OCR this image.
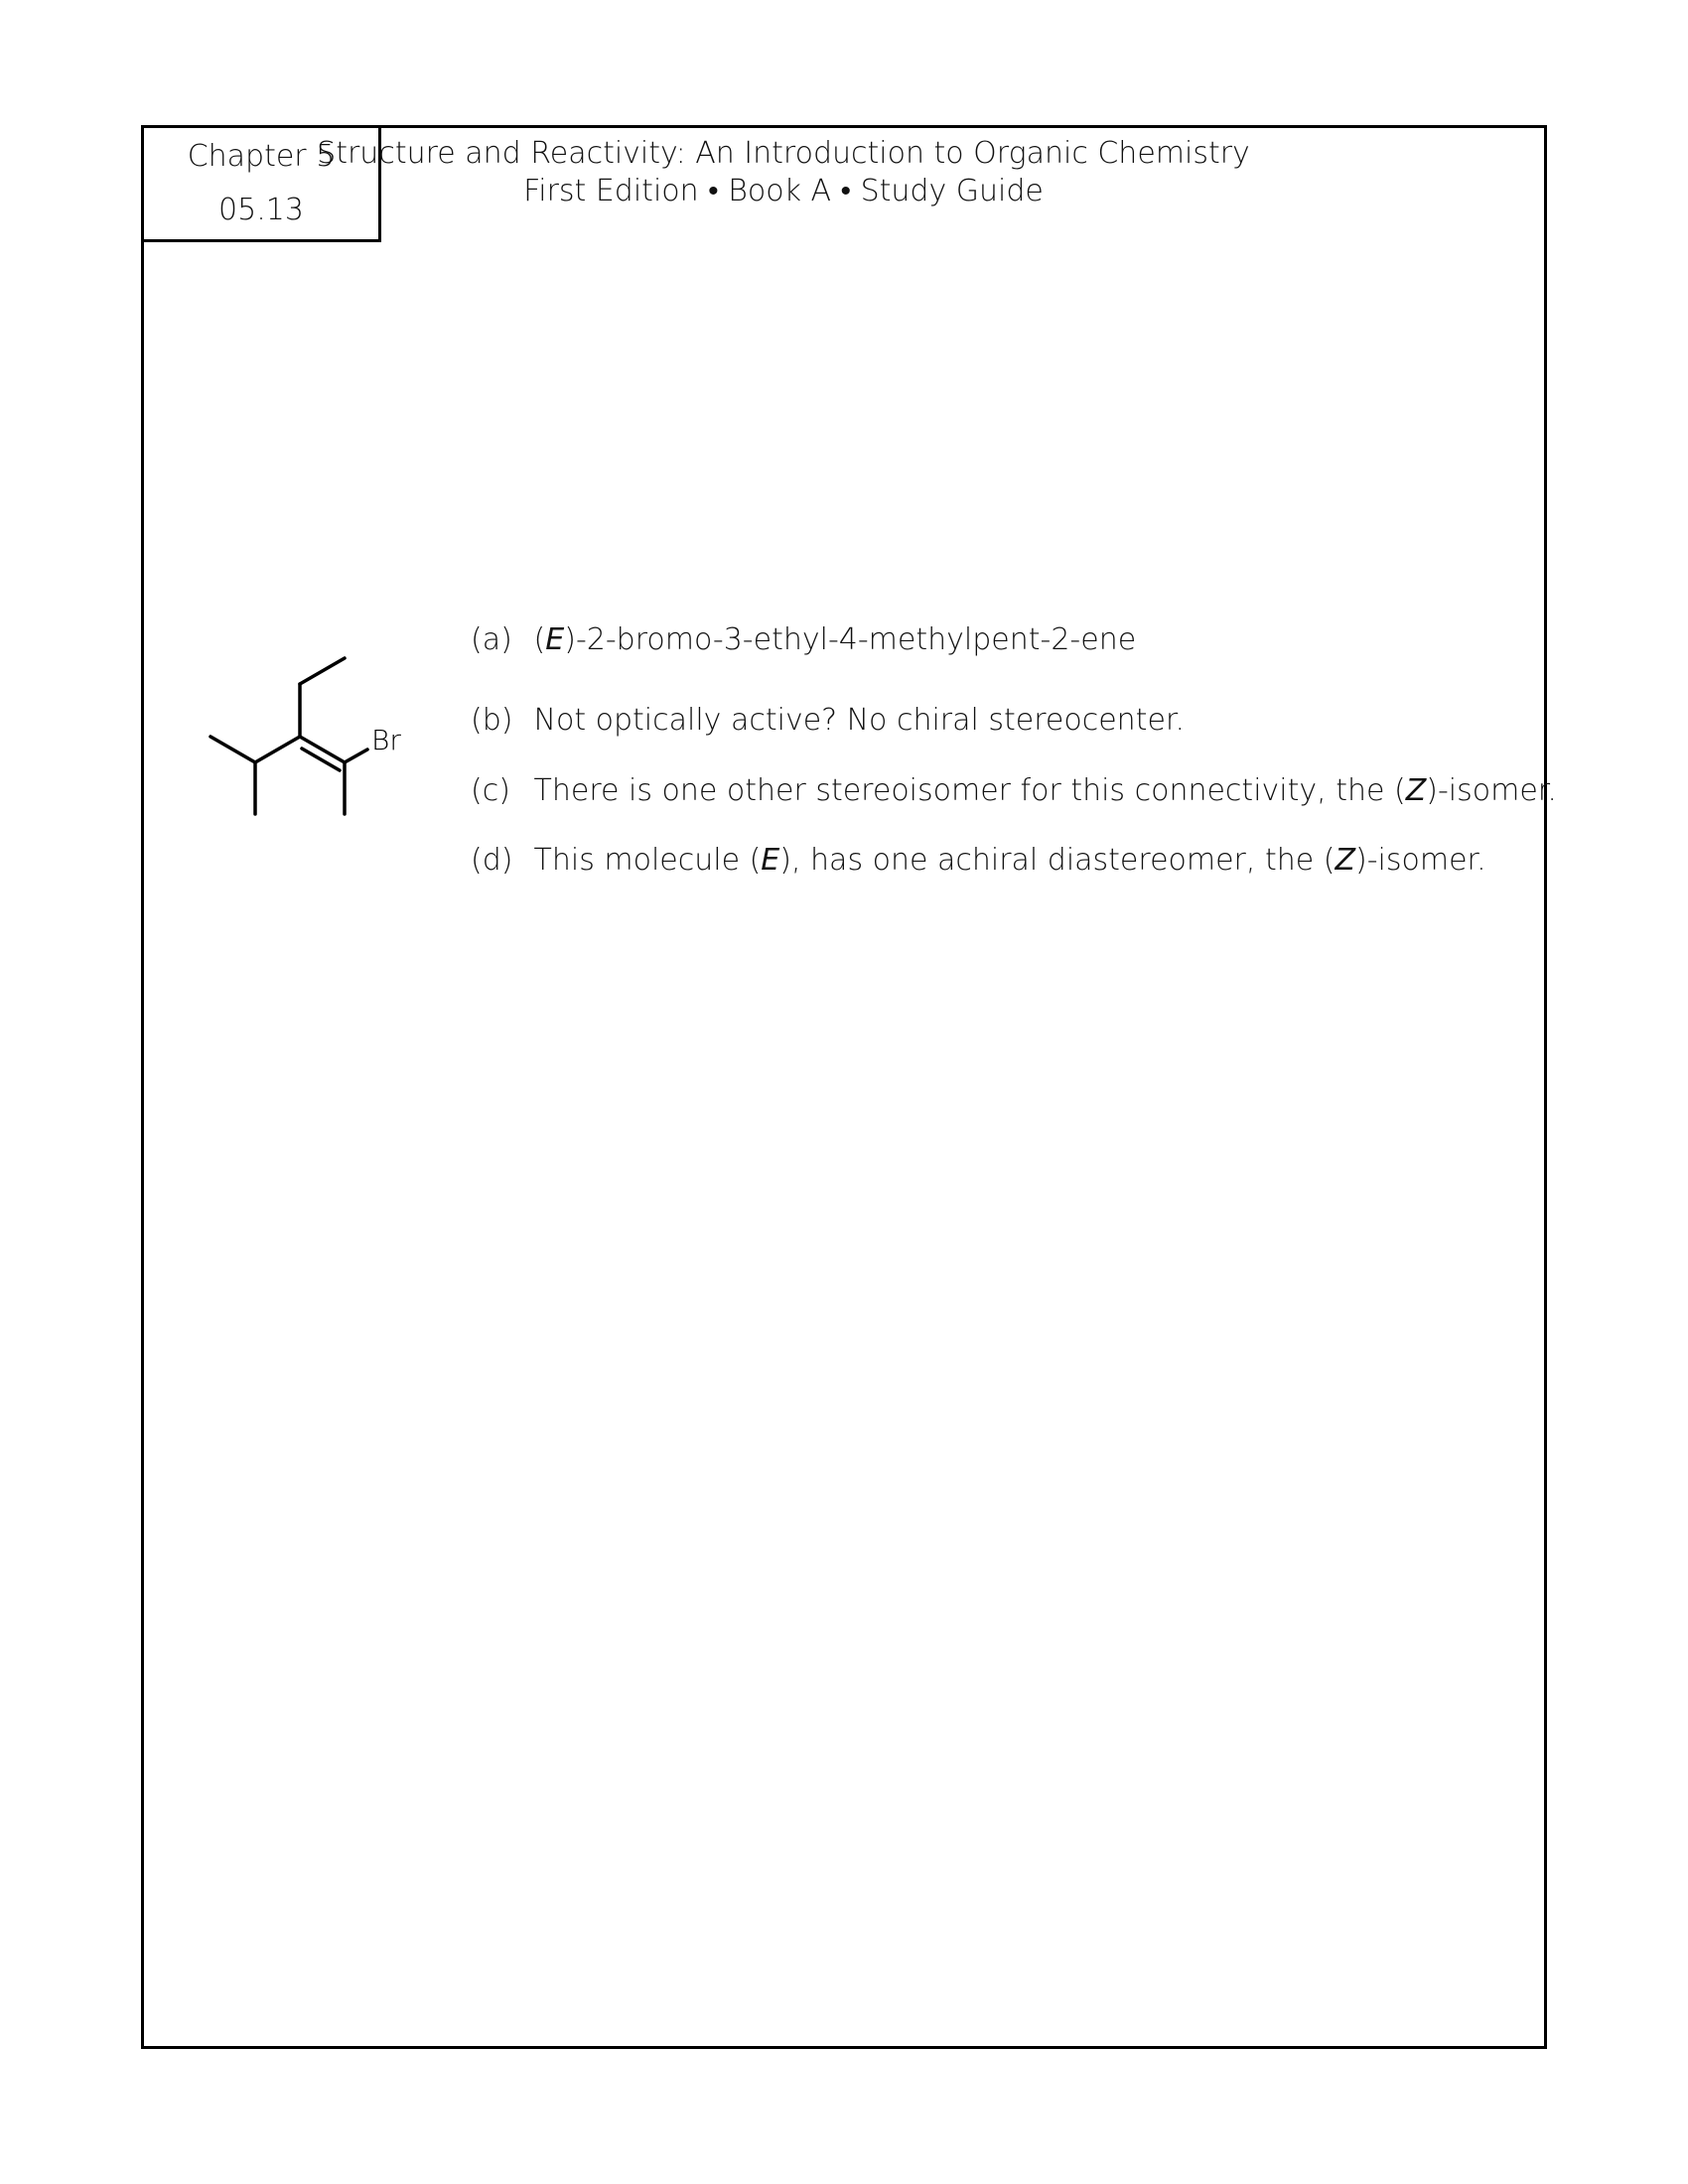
Chapter 5
05.13
Structure and Reactivity: An Introduction to Organic Chemistry
First Edition • Book A • Study Guide
Br
(a) (E)-2-bromo-3-ethyl-4-methylpent-2-ene
(b) Not optically active? No chiral stereocenter.
(c) There is one other stereoisomer for this connectivity, the (Z)-isomer.
(d) This molecule (E), has one achiral diastereomer, the (Z)-isomer.
